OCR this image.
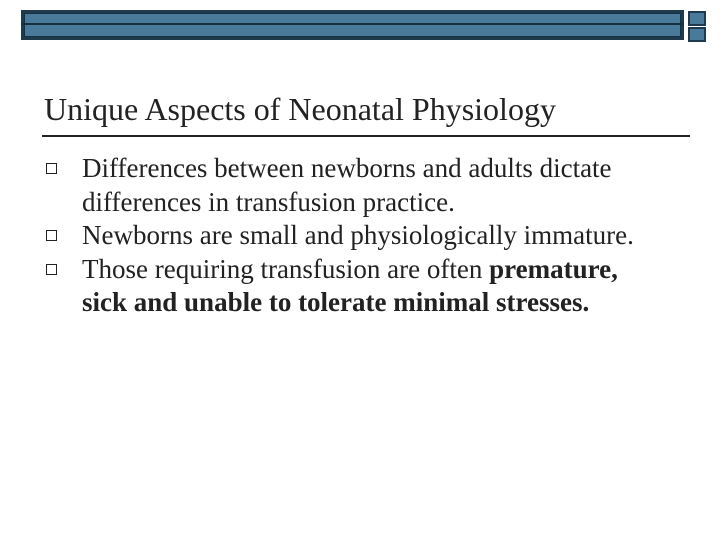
Unique Aspects of Neonatal Physiology
Differences between newborns and adults dictate differences in transfusion practice.
Newborns are small and physiologically immature.
Those requiring transfusion are often premature, sick and unable to tolerate minimal stresses.
